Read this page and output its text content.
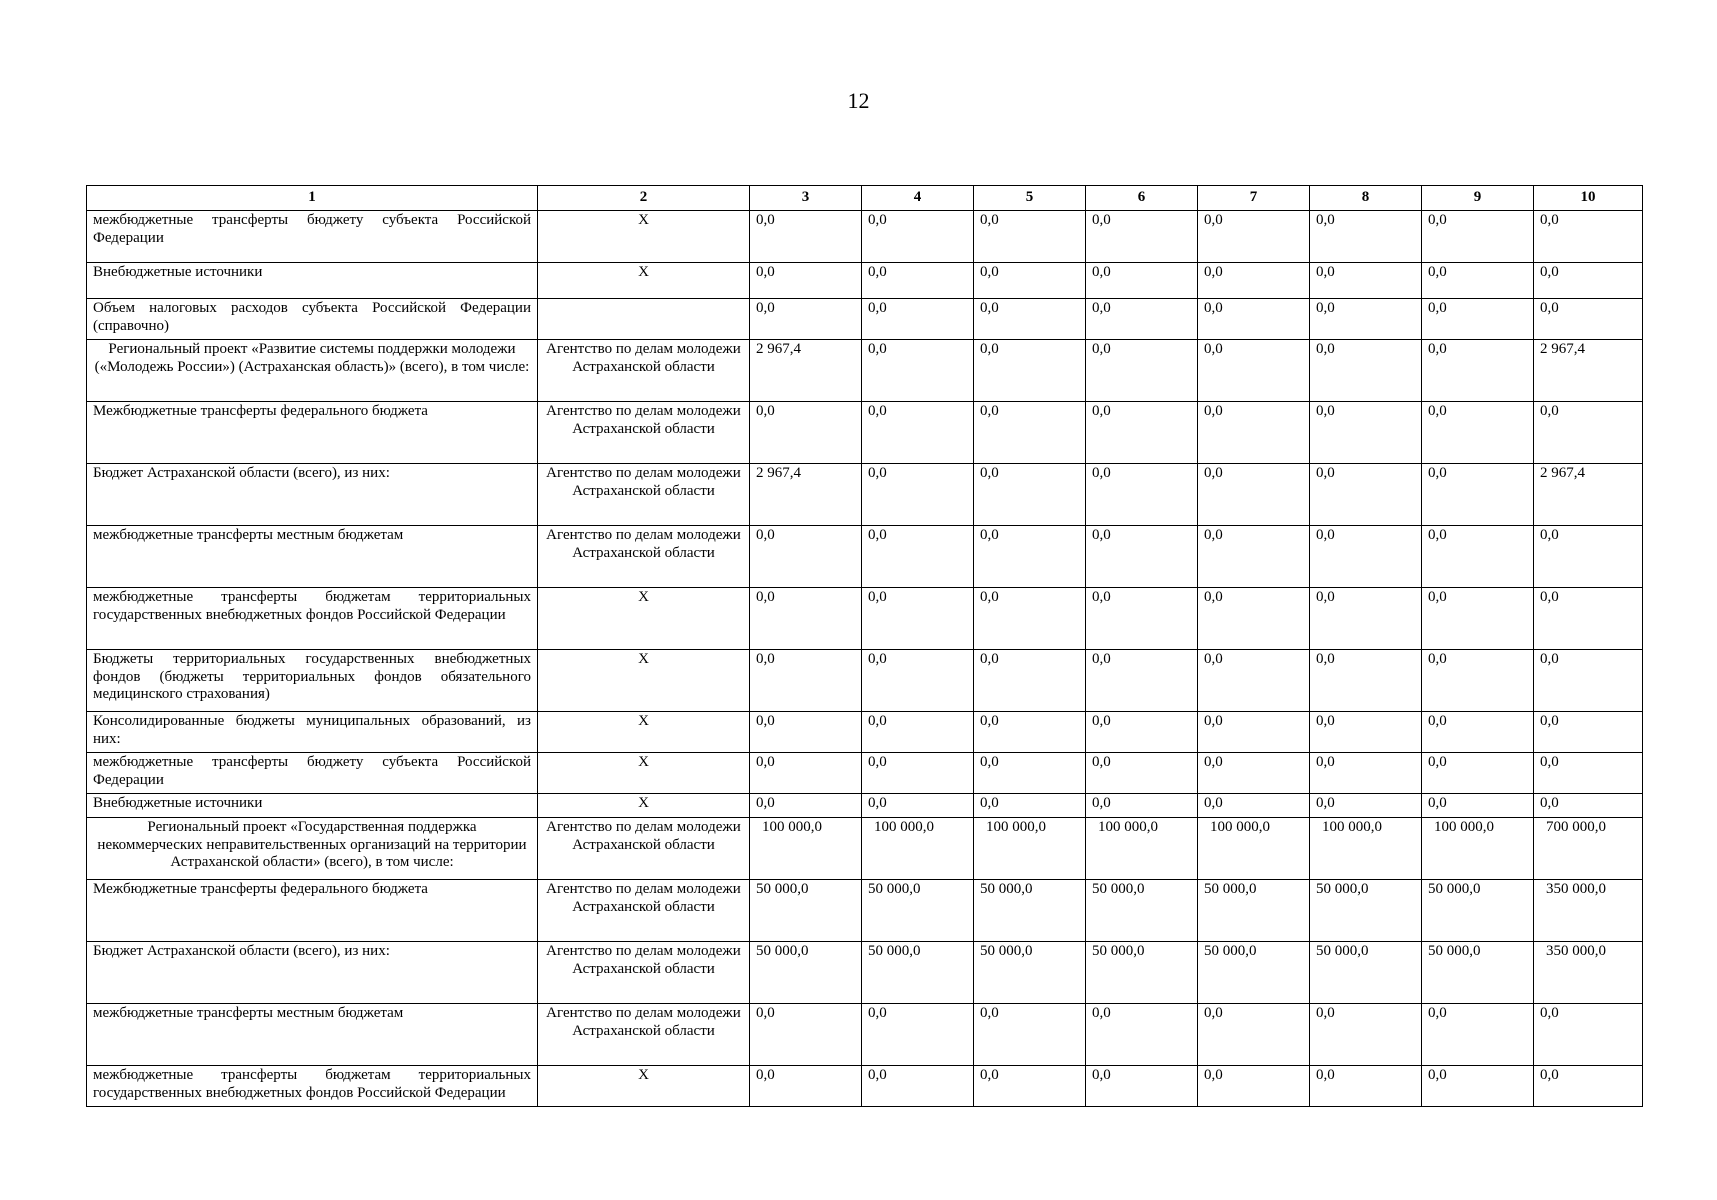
12
1	2	3	4	5	6	7	8	9	10
межбюджетные трансферты бюджету субъекта Российской Федерации	X	0,0	0,0	0,0	0,0	0,0	0,0	0,0	0,0
Внебюджетные источники	X	0,0	0,0	0,0	0,0	0,0	0,0	0,0	0,0
Объем налоговых расходов субъекта Российской Федерации (справочно)		0,0	0,0	0,0	0,0	0,0	0,0	0,0	0,0
Региональный проект «Развитие системы поддержки молодежи («Молодежь России») (Астраханская область)» (всего), в том числе:	Агентство по делам молодежи Астраханской области	2 967,4	0,0	0,0	0,0	0,0	0,0	0,0	2 967,4
Межбюджетные трансферты федерального бюджета	Агентство по делам молодежи Астраханской области	0,0	0,0	0,0	0,0	0,0	0,0	0,0	0,0
Бюджет Астраханской области (всего), из них:	Агентство по делам молодежи Астраханской области	2 967,4	0,0	0,0	0,0	0,0	0,0	0,0	2 967,4
межбюджетные трансферты местным бюджетам	Агентство по делам молодежи Астраханской области	0,0	0,0	0,0	0,0	0,0	0,0	0,0	0,0
межбюджетные трансферты бюджетам территориальных государственных внебюджетных фондов Российской Федерации	X	0,0	0,0	0,0	0,0	0,0	0,0	0,0	0,0
Бюджеты территориальных государственных внебюджетных фондов (бюджеты территориальных фондов обязательного медицинского страхования)	X	0,0	0,0	0,0	0,0	0,0	0,0	0,0	0,0
Консолидированные бюджеты муниципальных образований, из них:	X	0,0	0,0	0,0	0,0	0,0	0,0	0,0	0,0
межбюджетные трансферты бюджету субъекта Российской Федерации	X	0,0	0,0	0,0	0,0	0,0	0,0	0,0	0,0
Внебюджетные источники	X	0,0	0,0	0,0	0,0	0,0	0,0	0,0	0,0
Региональный проект «Государственная поддержка некоммерческих неправительственных организаций на территории Астраханской области» (всего), в том числе:	Агентство по делам молодежи Астраханской области	100 000,0	100 000,0	100 000,0	100 000,0	100 000,0	100 000,0	100 000,0	700 000,0
Межбюджетные трансферты федерального бюджета	Агентство по делам молодежи Астраханской области	50 000,0	50 000,0	50 000,0	50 000,0	50 000,0	50 000,0	50 000,0	350 000,0
Бюджет Астраханской области (всего), из них:	Агентство по делам молодежи Астраханской области	50 000,0	50 000,0	50 000,0	50 000,0	50 000,0	50 000,0	50 000,0	350 000,0
межбюджетные трансферты местным бюджетам	Агентство по делам молодежи Астраханской области	0,0	0,0	0,0	0,0	0,0	0,0	0,0	0,0
межбюджетные трансферты бюджетам территориальных государственных внебюджетных фондов Российской Федерации	X	0,0	0,0	0,0	0,0	0,0	0,0	0,0	0,0
